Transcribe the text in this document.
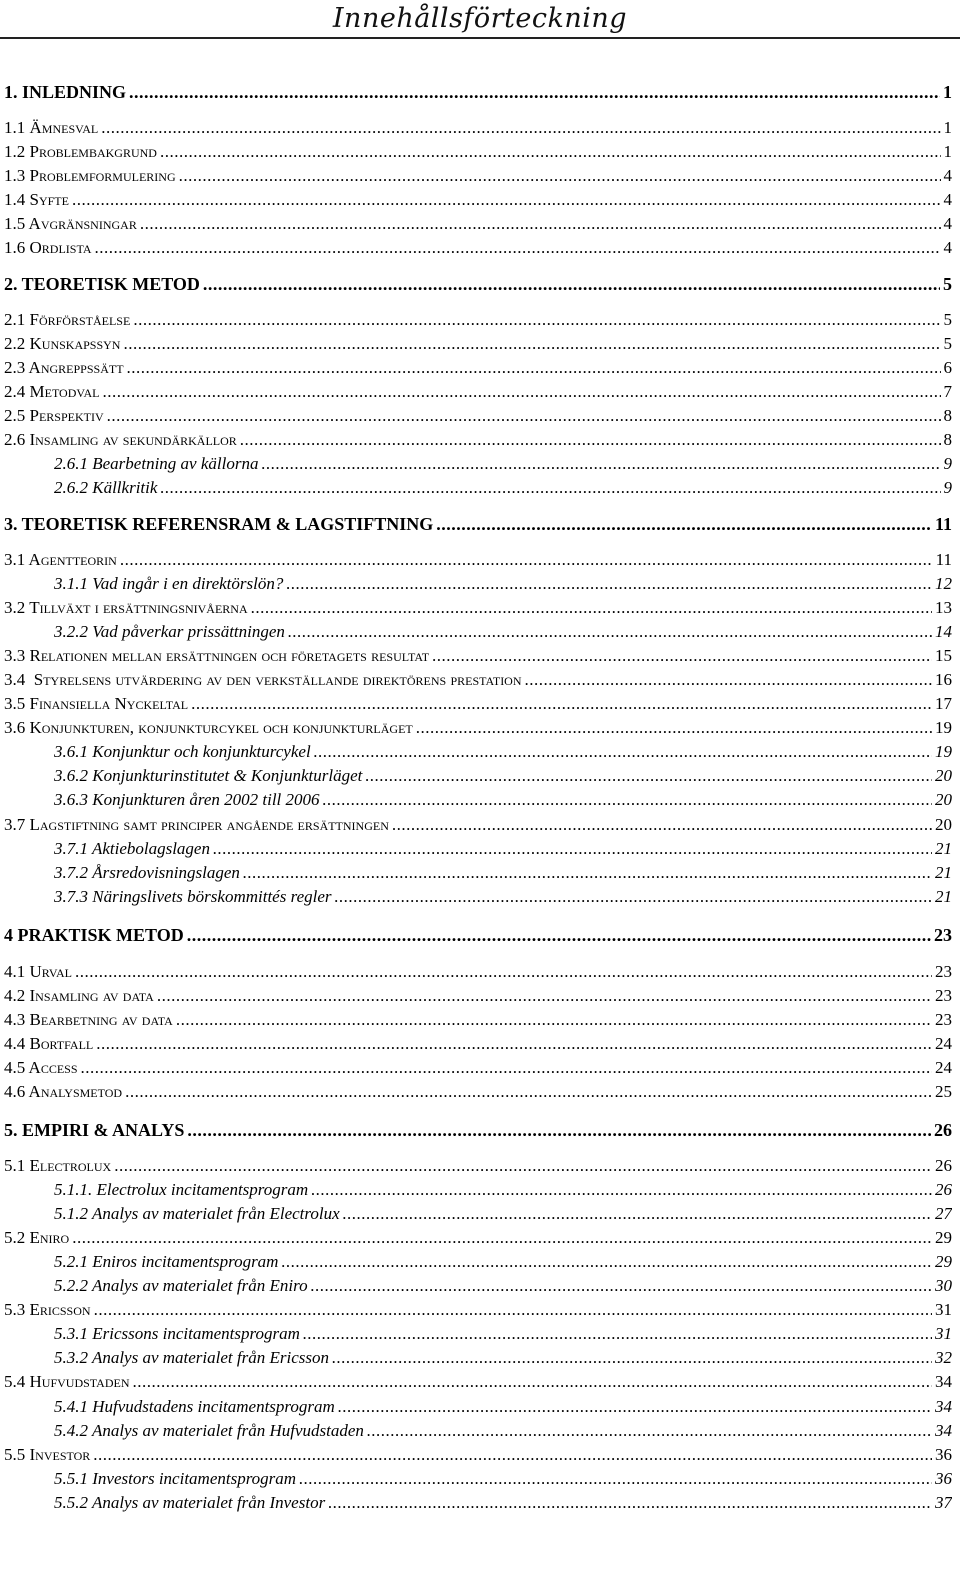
Innehållsförteckning
1. INLEDNING .....	1
1.1 Ämnesval .....	1
1.2 Problembakgrund .....	1
1.3 Problemformulering .....	4
1.4 Syfte .....	4
1.5 Avgränsningar .....	4
1.6 Ordlista .....	4
2. TEORETISK METOD .....	5
2.1 Förförståelse .....	5
2.2 Kunskapssyn .....	5
2.3 Angreppssätt .....	6
2.4 Metodval .....	7
2.5 Perspektiv .....	8
2.6 Insamling av sekundärkällor .....	8
2.6.1 Bearbetning av källorna .....	9
2.6.2 Källkritik .....	9
3. TEORETISK REFERENSRAM & LAGSTIFTNING .....	11
3.1 Agentteorin .....	11
3.1.1 Vad ingår i en direktörslön? .....	12
3.2 Tillväxt i ersättningsnivåerna .....	13
3.2.2 Vad påverkar prissättningen .....	14
3.3 Relationen mellan ersättningen och företagets resultat .....	15
3.4  Styrelsens utvärdering av den verkställande direktörens prestation .....	16
3.5 Finansiella Nyckeltal .....	17
3.6 Konjunkturen, konjunkturcykel och konjunkturläget .....	19
3.6.1 Konjunktur och konjunkturcykel .....	19
3.6.2 Konjunkturinstitutet & Konjunkturläget .....	20
3.6.3 Konjunkturen åren 2002 till 2006 .....	20
3.7 Lagstiftning samt principer angående ersättningen .....	20
3.7.1 Aktiebolagslagen .....	21
3.7.2 Årsredovisningslagen .....	21
3.7.3 Näringslivets börskommittés regler .....	21
4 PRAKTISK METOD .....	23
4.1 Urval .....	23
4.2 Insamling av data .....	23
4.3 Bearbetning av data .....	23
4.4 Bortfall .....	24
4.5 Access .....	24
4.6 Analysmetod .....	25
5. EMPIRI & ANALYS .....	26
5.1 Electrolux .....	26
5.1.1. Electrolux incitamentsprogram .....	26
5.1.2 Analys av materialet från Electrolux .....	27
5.2 Eniro .....	29
5.2.1 Eniros incitamentsprogram .....	29
5.2.2 Analys av materialet från Eniro .....	30
5.3 Ericsson .....	31
5.3.1 Ericssons incitamentsprogram .....	31
5.3.2 Analys av materialet från Ericsson .....	32
5.4 Hufvudstaden .....	34
5.4.1 Hufvudstadens incitamentsprogram .....	34
5.4.2 Analys av materialet från Hufvudstaden .....	34
5.5 Investor .....	36
5.5.1 Investors incitamentsprogram .....	36
5.5.2 Analys av materialet från Investor .....	37
